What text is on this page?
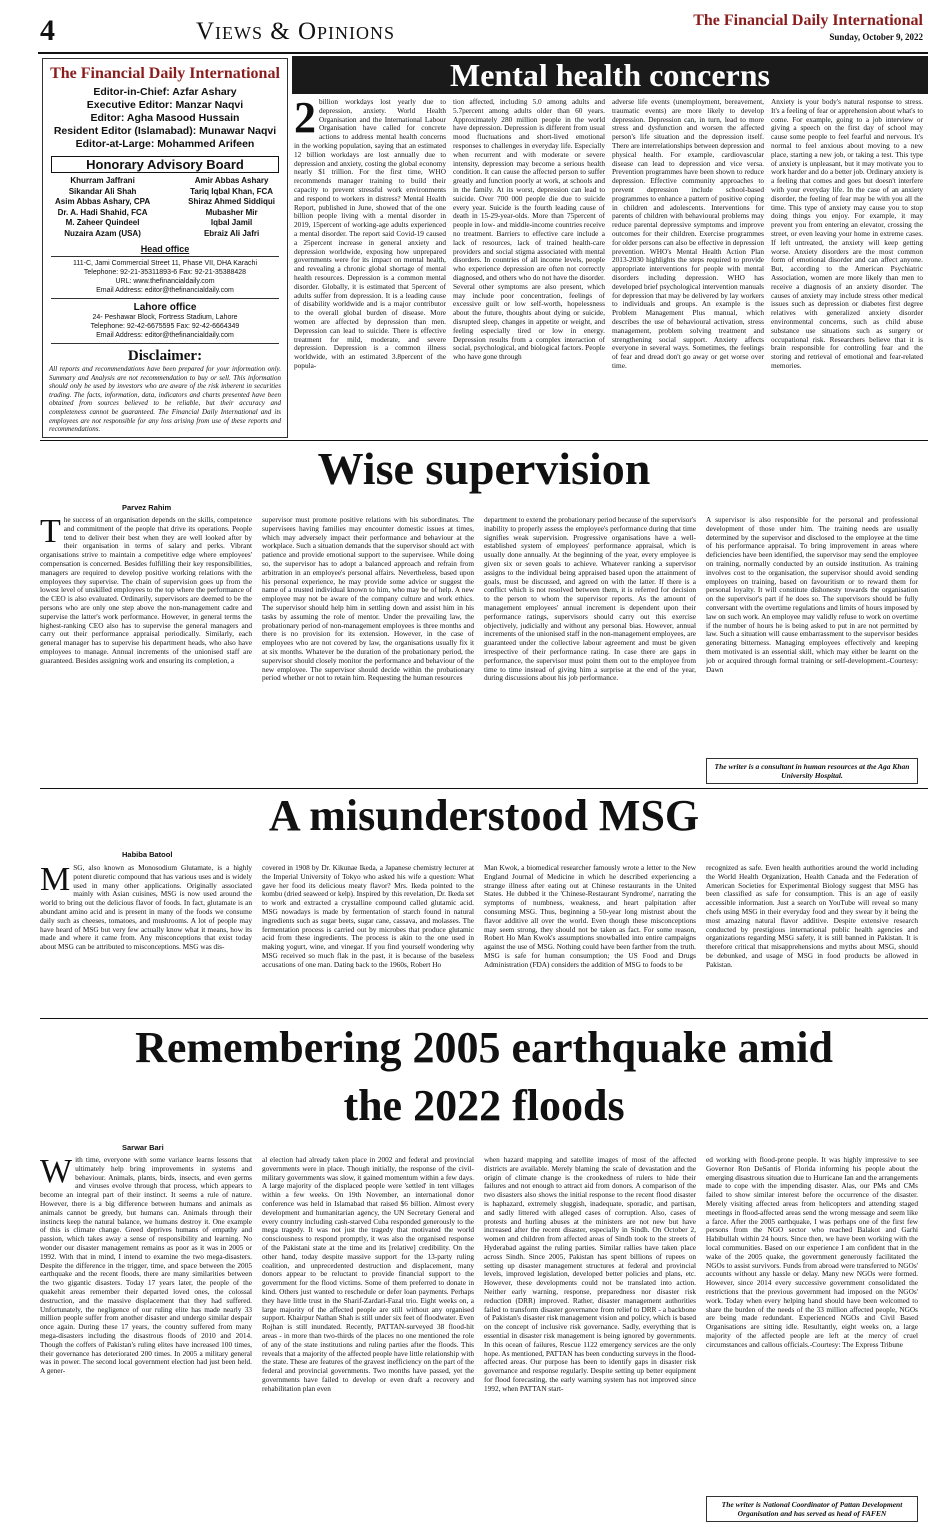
4	Views & Opinions	The Financial Daily International
Sunday, October 9, 2022
The Financial Daily International
Editor-in-Chief: Azfar Ashary
Executive Editor: Manzar Naqvi
Editor: Agha Masood Hussain
Resident Editor (Islamabad): Munawar Naqvi
Editor-at-Large: Mohammed Arifeen
Honorary Advisory Board
Khurram Jaffrani
Sikandar Ali Shah
Asim Abbas Ashary, CPA
Dr. A. Hadi Shahid, FCA
M. Zaheer Quindeel
Nuzaira Azam (USA)
Amir Abbas Ashary
Tariq Iqbal Khan, FCA
Shiraz Ahmed Siddiqui
Mubasher Mir
Iqbal Jamil
Ebraiz Ali Jafri
Head office
111-C, Jami Commercial Street 11, Phase VII, DHA Karachi
Telephone: 92-21-35311893-6 Fax: 92-21-35388428
URL: www.thefinancialdaily.com
Email Address: editor@thefinancialdaily.com
Lahore office
24- Peshawar Block, Fortress Stadium, Lahore
Telephone: 92-42-6675595 Fax: 92-42-6664349
Email Address: editor@thefinancialdaily.com
Disclaimer:
All reports and recommendations have been prepared for your information only. Summary and Analysis are not recommendation to buy or sell. This information should only be used by investors who are aware of the risk inherent in securities trading. The facts, information, data, indicators and charts presented have been obtained from sources believed to be reliable, but their accuracy and completeness cannot be guaranteed. The Financial Daily International and its employees are not responsible for any loss arising from use of these reports and recommendations.
Mental health concerns
2 billion workdays lost yearly due to depression, anxiety. World Health Organisation and the International Labour Organisation have called for concrete actions to address mental health concerns in the working population, saying that an estimated 12 billion workdays are lost annually due to depression and anxiety, costing the global economy nearly $1 trillion. For the first time, WHO recommends manager training to build their capacity to prevent stressful work environments and respond to workers in distress? Mental Health Report, published in June, showed that of the one billion people living with a mental disorder in 2019, 15percent of working-age adults experienced a mental disorder. The report said Covid-19 caused a 25percent increase in general anxiety and depression worldwide, exposing how unprepared governments were for its impact on mental health, and revealing a chronic global shortage of mental health resources. Depression is a common mental disorder. Globally, it is estimated that 5percent of adults suffer from depression. It is a leading cause of disability worldwide and is a major contributor to the overall global burden of disease. More women are affected by depression than men. Depression can lead to suicide. There is effective treatment for mild, moderate, and severe depression. Depression is a common illness worldwide, with an estimated 3.8percent of the popula-
tion affected, including 5.0 among adults and 5.7percent among adults older than 60 years. Approximately 280 million people in the world have depression. Depression is different from usual mood fluctuations and short-lived emotional responses to challenges in everyday life. Especially when recurrent and with moderate or severe intensity, depression may become a serious health condition. It can cause the affected person to suffer greatly and function poorly at work, at schools and in the family. At its worst, depression can lead to suicide. Over 700 000 people die due to suicide every year. Suicide is the fourth leading cause of death in 15-29-year-olds. More than 75percent of people in low- and middle-income countries receive no treatment. Barriers to effective care include a lack of resources, lack of trained health-care providers and social stigma associated with mental disorders. In countries of all income levels, people who experience depression are often not correctly diagnosed, and others who do not have the disorder. Several other symptoms are also present, which may include poor concentration, feelings of excessive guilt or low self-worth, hopelessness about the future, thoughts about dying or suicide, disrupted sleep, changes in appetite or weight, and feeling especially tired or low in energy. Depression results from a complex interaction of social, psychological, and biological factors. People who have gone through
adverse life events (unemployment, bereavement, traumatic events) are more likely to develop depression. Depression can, in turn, lead to more stress and dysfunction and worsen the affected person's life situation and the depression itself. There are interrelationships between depression and physical health. For example, cardiovascular disease can lead to depression and vice versa. Prevention programmes have been shown to reduce depression. Effective community approaches to prevent depression include school-based programmes to enhance a pattern of positive coping in children and adolescents. Interventions for parents of children with behavioural problems may reduce parental depressive symptoms and improve outcomes for their children. Exercise programmes for older persons can also be effective in depression prevention. WHO's Mental Health Action Plan 2013-2030 highlights the steps required to provide appropriate interventions for people with mental disorders including depression. WHO has developed brief psychological intervention manuals for depression that may be delivered by lay workers to individuals and groups. An example is the Problem Management Plus manual, which describes the use of behavioural activation, stress management, problem solving treatment and strengthening social support. Anxiety affects everyone in several ways. Sometimes, the feelings of fear and dread don't go away or get worse over time.
Anxiety is your body's natural response to stress. It's a feeling of fear or apprehension about what's to come. For example, going to a job interview or giving a speech on the first day of school may cause some people to feel fearful and nervous. It's normal to feel anxious about moving to a new place, starting a new job, or taking a test. This type of anxiety is unpleasant, but it may motivate you to work harder and do a better job. Ordinary anxiety is a feeling that comes and goes but doesn't interfere with your everyday life. In the case of an anxiety disorder, the feeling of fear may be with you all the time. This type of anxiety may cause you to stop doing things you enjoy. For example, it may prevent you from entering an elevator, crossing the street, or even leaving your home in extreme cases. If left untreated, the anxiety will keep getting worse. Anxiety disorders are the most common form of emotional disorder and can affect anyone. But, according to the American Psychiatric Association, women are more likely than men to receive a diagnosis of an anxiety disorder. The causes of anxiety may include stress other medical issues such as depression or diabetes first degree relatives with generalized anxiety disorder environmental concerns, such as child abuse substance use situations such as surgery or occupational risk. Researchers believe that it is brain responsible for controlling fear and the storing and retrieval of emotional and fear-related memories.
Wise supervision
Parvez Rahim
The success of an organisation depends on the skills, competence and commitment of the people that drive its operations. People tend to deliver their best when they are well looked after by their organisation in terms of salary and perks. Vibrant organisations strive to maintain a competitive edge where employees' compensation is concerned. Besides fulfilling their key responsibilities, managers are required to develop positive working relations with the employees they supervise. The chain of supervision goes up from the lowest level of unskilled employees to the top where the performance of the CEO is also evaluated. Ordinarily, supervisors are deemed to be the persons who are only one step above the non-management cadre and supervise the latter's work performance. However, in general terms the highest-ranking CEO also has to supervise the general managers and carry out their performance appraisal periodically. Similarly, each general manager has to supervise his department heads, who also have employees to manage. Annual increments of the unionised staff are guaranteed. Besides assigning work and ensuring its completion, a
supervisor must promote positive relations with his subordinates. The supervisees having families may encounter domestic issues at times, which may adversely impact their performance and behaviour at the workplace. Such a situation demands that the supervisor should act with patience and provide emotional support to the supervisee. While doing so, the supervisor has to adopt a balanced approach and refrain from arbitration in an employee's personal affairs. Nevertheless, based upon his personal experience, he may provide some advice or suggest the name of a trusted individual known to him, who may be of help. A new employee may not be aware of the company culture and work ethics. The supervisor should help him in settling down and assist him in his tasks by assuming the role of mentor. Under the prevailing law, the probationary period of non-management employees is three months and there is no provision for its extension. However, in the case of employees who are not covered by law, the organisations usually fix it at six months. Whatever be the duration of the probationary period, the supervisor should closely monitor the performance and behaviour of the new employee. The supervisor should decide within the probationary period whether or not to retain him. Requesting the human resources
department to extend the probationary period because of the supervisor's inability to properly assess the employee's performance during that time signifies weak supervision. Progressive organisations have a well-established system of employees' performance appraisal, which is usually done annually. At the beginning of the year, every employee is given six or seven goals to achieve. Whatever ranking a supervisor assigns to the individual being appraised based upon the attainment of goals, must be discussed, and agreed on with the latter. If there is a conflict which is not resolved between them, it is referred for decision to the person to whom the supervisor reports. As the amount of management employees' annual increment is dependent upon their performance ratings, supervisors should carry out this exercise objectively, judicially and without any personal bias. However, annual increments of the unionised staff in the non-management employees, are guaranteed under the collective labour agreement and must be given irrespective of their performance rating. In case there are gaps in performance, the supervisor must point them out to the employee from time to time instead of giving him a surprise at the end of the year, during discussions about his job performance.
A supervisor is also responsible for the personal and professional development of those under him. The training needs are usually determined by the supervisor and disclosed to the employee at the time of his performance appraisal. To bring improvement in areas where deficiencies have been identified, the supervisor may send the employee on training, normally conducted by an outside institution. As training involves cost to the organisation, the supervisor should avoid sending employees on training, based on favouritism or to reward them for personal loyalty. It will constitute dishonesty towards the organisation on the supervisor's part if he does so. The supervisors should be fully conversant with the overtime regulations and limits of hours imposed by law on such work. An employee may validly refuse to work on overtime if the number of hours he is being asked to put in are not permitted by law. Such a situation will cause embarrassment to the supervisor besides generating bitterness. Managing employees effectively and keeping them motivated is an essential skill, which may either be learnt on the job or acquired through formal training or self-development.-Courtesy: Dawn
The writer is a consultant in human resources at the Aga Khan University Hospital.
A misunderstood MSG
Habiba Batool
MSG, also known as Monosodium Glutamate, is a highly potent diuretic compound that has various uses and is widely used in many other applications. Originally associated mainly with Asian cuisines, MSG is now used around the world to bring out the delicious flavor of foods. In fact, glutamate is an abundant amino acid and is present in many of the foods we consume daily such as cheeses, tomatoes, and mushrooms. A lot of people may have heard of MSG but very few actually know what it means, how its made and where it came from. Any misconceptions that exist today about MSG can be attributed to misconceptions. MSG was dis-
covered in 1908 by Dr. Kikunae Ikeda, a Japanese chemistry lecturer at the Imperial University of Tokyo who asked his wife a question: What gave her food its delicious meaty flavor? Mrs. Ikeda pointed to the kombu (dried seaweed or kelp). Inspired by this revelation, Dr. Ikeda set to work and extracted a crystalline compound called glutamic acid. MSG nowadays is made by fermentation of starch found in natural ingredients such as sugar beets, sugar cane, cassava, and molasses. The fermentation process is carried out by microbes that produce glutamic acid from these ingredients. The process is akin to the one used in making yogurt, wine, and vinegar. If you find yourself wondering why MSG received so much flak in the past, it is because of the baseless accusations of one man. Dating back to the 1960s, Robert Ho
Man Kwok, a biomedical researcher famously wrote a letter to the New England Journal of Medicine in which he described experiencing a strange illness after eating out at Chinese restaurants in the United States. He dubbed it the 'Chinese-Restaurant Syndrome', narrating the symptoms of numbness, weakness, and heart palpitation after consuming MSG. Thus, beginning a 50-year long mistrust about the flavor additive all over the world. Even though these misconceptions may seem strong, they should not be taken as fact. For some reason, Robert Ho Man Kwok's assumptions snowballed into entire campaigns against the use of MSG. Nothing could have been farther from the truth. MSG is safe for human consumption; the US Food and Drugs Administration (FDA) considers the addition of MSG to foods to be
recognized as safe. Even health authorities around the world including the World Health Organization, Health Canada and the Federation of American Societies for Experimental Biology suggest that MSG has been classified as safe for consumption. This is an age of easily accessible information. Just a search on YouTube will reveal so many chefs using MSG in their everyday food and they swear by it being the most amazing natural flavor additive. Despite extensive research conducted by prestigious international public health agencies and organizations regarding MSG safety, it is still banned in Pakistan. It is therefore critical that misapprehensions and myths about MSG, should be debunked, and usage of MSG in food products be allowed in Pakistan.
Remembering 2005 earthquake amid
the 2022 floods
Sarwar Bari
With time, everyone with some variance learns lessons that ultimately help bring improvements in systems and behaviour. Animals, plants, birds, insects, and even germs and viruses evolve through that process, which appears to become an integral part of their instinct. It seems a rule of nature. However, there is a big difference between humans and animals as animals cannot be greedy, but humans can. Animals through their instincts keep the natural balance, we humans destroy it. One example of this is climate change. Greed deprives humans of empathy and passion, which takes away a sense of responsibility and learning. No wonder our disaster management remains as poor as it was in 2005 or 1992. With that in mind, I intend to examine the two mega-disasters. Despite the difference in the trigger, time, and space between the 2005 earthquake and the recent floods, there are many similarities between the two gigantic disasters. Today 17 years later, the people of the quakehit areas remember their departed loved ones, the colossal destruction, and the massive displacement that they had suffered. Unfortunately, the negligence of our ruling elite has made nearly 33 million people suffer from another disaster and undergo similar despair once again. During these 17 years, the country suffered from many mega-disasters including the disastrous floods of 2010 and 2014. Though the coffers of Pakistan's ruling elites have increased 100 times, their governance has deteriorated 200 times. In 2005 a military general was in power. The second local government election had just been held. A gener-
al election had already taken place in 2002 and federal and provincial governments were in place. Though initially, the response of the civil-military governments was slow, it gained momentum within a few days. A large majority of the displaced people were 'settled' in tent villages within a few weeks. On 19th November, an international donor conference was held in Islamabad that raised $6 billion. Almost every development and humanitarian agency, the UN Secretary General and every country including cash-starved Cuba responded generously to the mega tragedy. It was not just the tragedy that motivated the world consciousness to respond promptly, it was also the organised response of the Pakistani state at the time and its [relative] credibility. On the other hand, today despite massive support for the 13-party ruling coalition, and unprecedented destruction and displacement, many donors appear to be reluctant to provide financial support to the government for the flood victims. Some of them preferred to donate in kind. Others just wanted to reschedule or defer loan payments. Perhaps they have little trust in the Sharif-Zardari-Fazal trio. Eight weeks on, a large majority of the affected people are still without any organised support. Khairpur Nathan Shah is still under six feet of floodwater. Even Rojhan is still inundated. Recently, PATTAN-surveyed 38 flood-hit areas - in more than two-thirds of the places no one mentioned the role of any of the state institutions and ruling parties after the floods. This reveals that a majority of the affected people have little relationship with the state. These are features of the gravest inefficiency on the part of the federal and provincial governments. Two months have passed, yet the governments have failed to develop or even draft a recovery and rehabilitation plan even
when hazard mapping and satellite images of most of the affected districts are available. Merely blaming the scale of devastation and the origin of climate change is the crookedness of rulers to hide their failures and not enough to attract aid from donors. A comparison of the two disasters also shows the initial response to the recent flood disaster is haphazard, extremely sluggish, inadequate, sporadic, and partisan, and sadly littered with alleged cases of corruption. Also, cases of protests and hurling abuses at the ministers are not new but have increased after the recent disaster, especially in Sindh. On October 2, women and children from affected areas of Sindh took to the streets of Hyderabad against the ruling parties. Similar rallies have taken place across Sindh. Since 2005, Pakistan has spent billions of rupees on setting up disaster management structures at federal and provincial levels, improved legislation, developed better policies and plans, etc. However, these developments could not be translated into action. Neither early warning, response, preparedness nor disaster risk reduction (DRR) improved. Rather, disaster management authorities failed to transform disaster governance from relief to DRR - a backbone of Pakistan's disaster risk management vision and policy, which is based on the concept of inclusive risk governance. Sadly, everything that is essential in disaster risk management is being ignored by governments. In this ocean of failures, Rescue 1122 emergency services are the only hope. As mentioned, PATTAN has been conducting surveys in the flood-affected areas. Our purpose has been to identify gaps in disaster risk governance and response regularly. Despite setting up better equipment for flood forecasting, the early warning system has not improved since 1992, when PATTAN start-
ed working with flood-prone people. It was highly impressive to see Governor Ron DeSantis of Florida informing his people about the emerging disastrous situation due to Hurricane Ian and the arrangements made to cope with the impending disaster. Alas, our PMs and CMs failed to show similar interest before the occurrence of the disaster. Merely visiting affected areas from helicopters and attending staged meetings in flood-affected areas send the wrong message and seem like a farce. After the 2005 earthquake, I was perhaps one of the first few persons from the NGO sector who reached Balakot and Garhi Habibullah within 24 hours. Since then, we have been working with the local communities. Based on our experience I am confident that in the wake of the 2005 quake, the government generously facilitated the NGOs to assist survivors. Funds from abroad were transferred to NGOs' accounts without any hassle or delay. Many new NGOs were formed. However, since 2014 every successive government consolidated the restrictions that the previous government had imposed on the NGOs' work. Today when every helping hand should have been welcomed to share the burden of the needs of the 33 million affected people, NGOs are being made redundant. Experienced NGOs and Civil Based Organisations are sitting idle. Resultantly, eight weeks on, a large majority of the affected people are left at the mercy of cruel circumstances and callous officials.-Courtesy: The Express Tribune
The writer is National Coordinator of Pattan Development Organisation and has served as head of FAFEN
